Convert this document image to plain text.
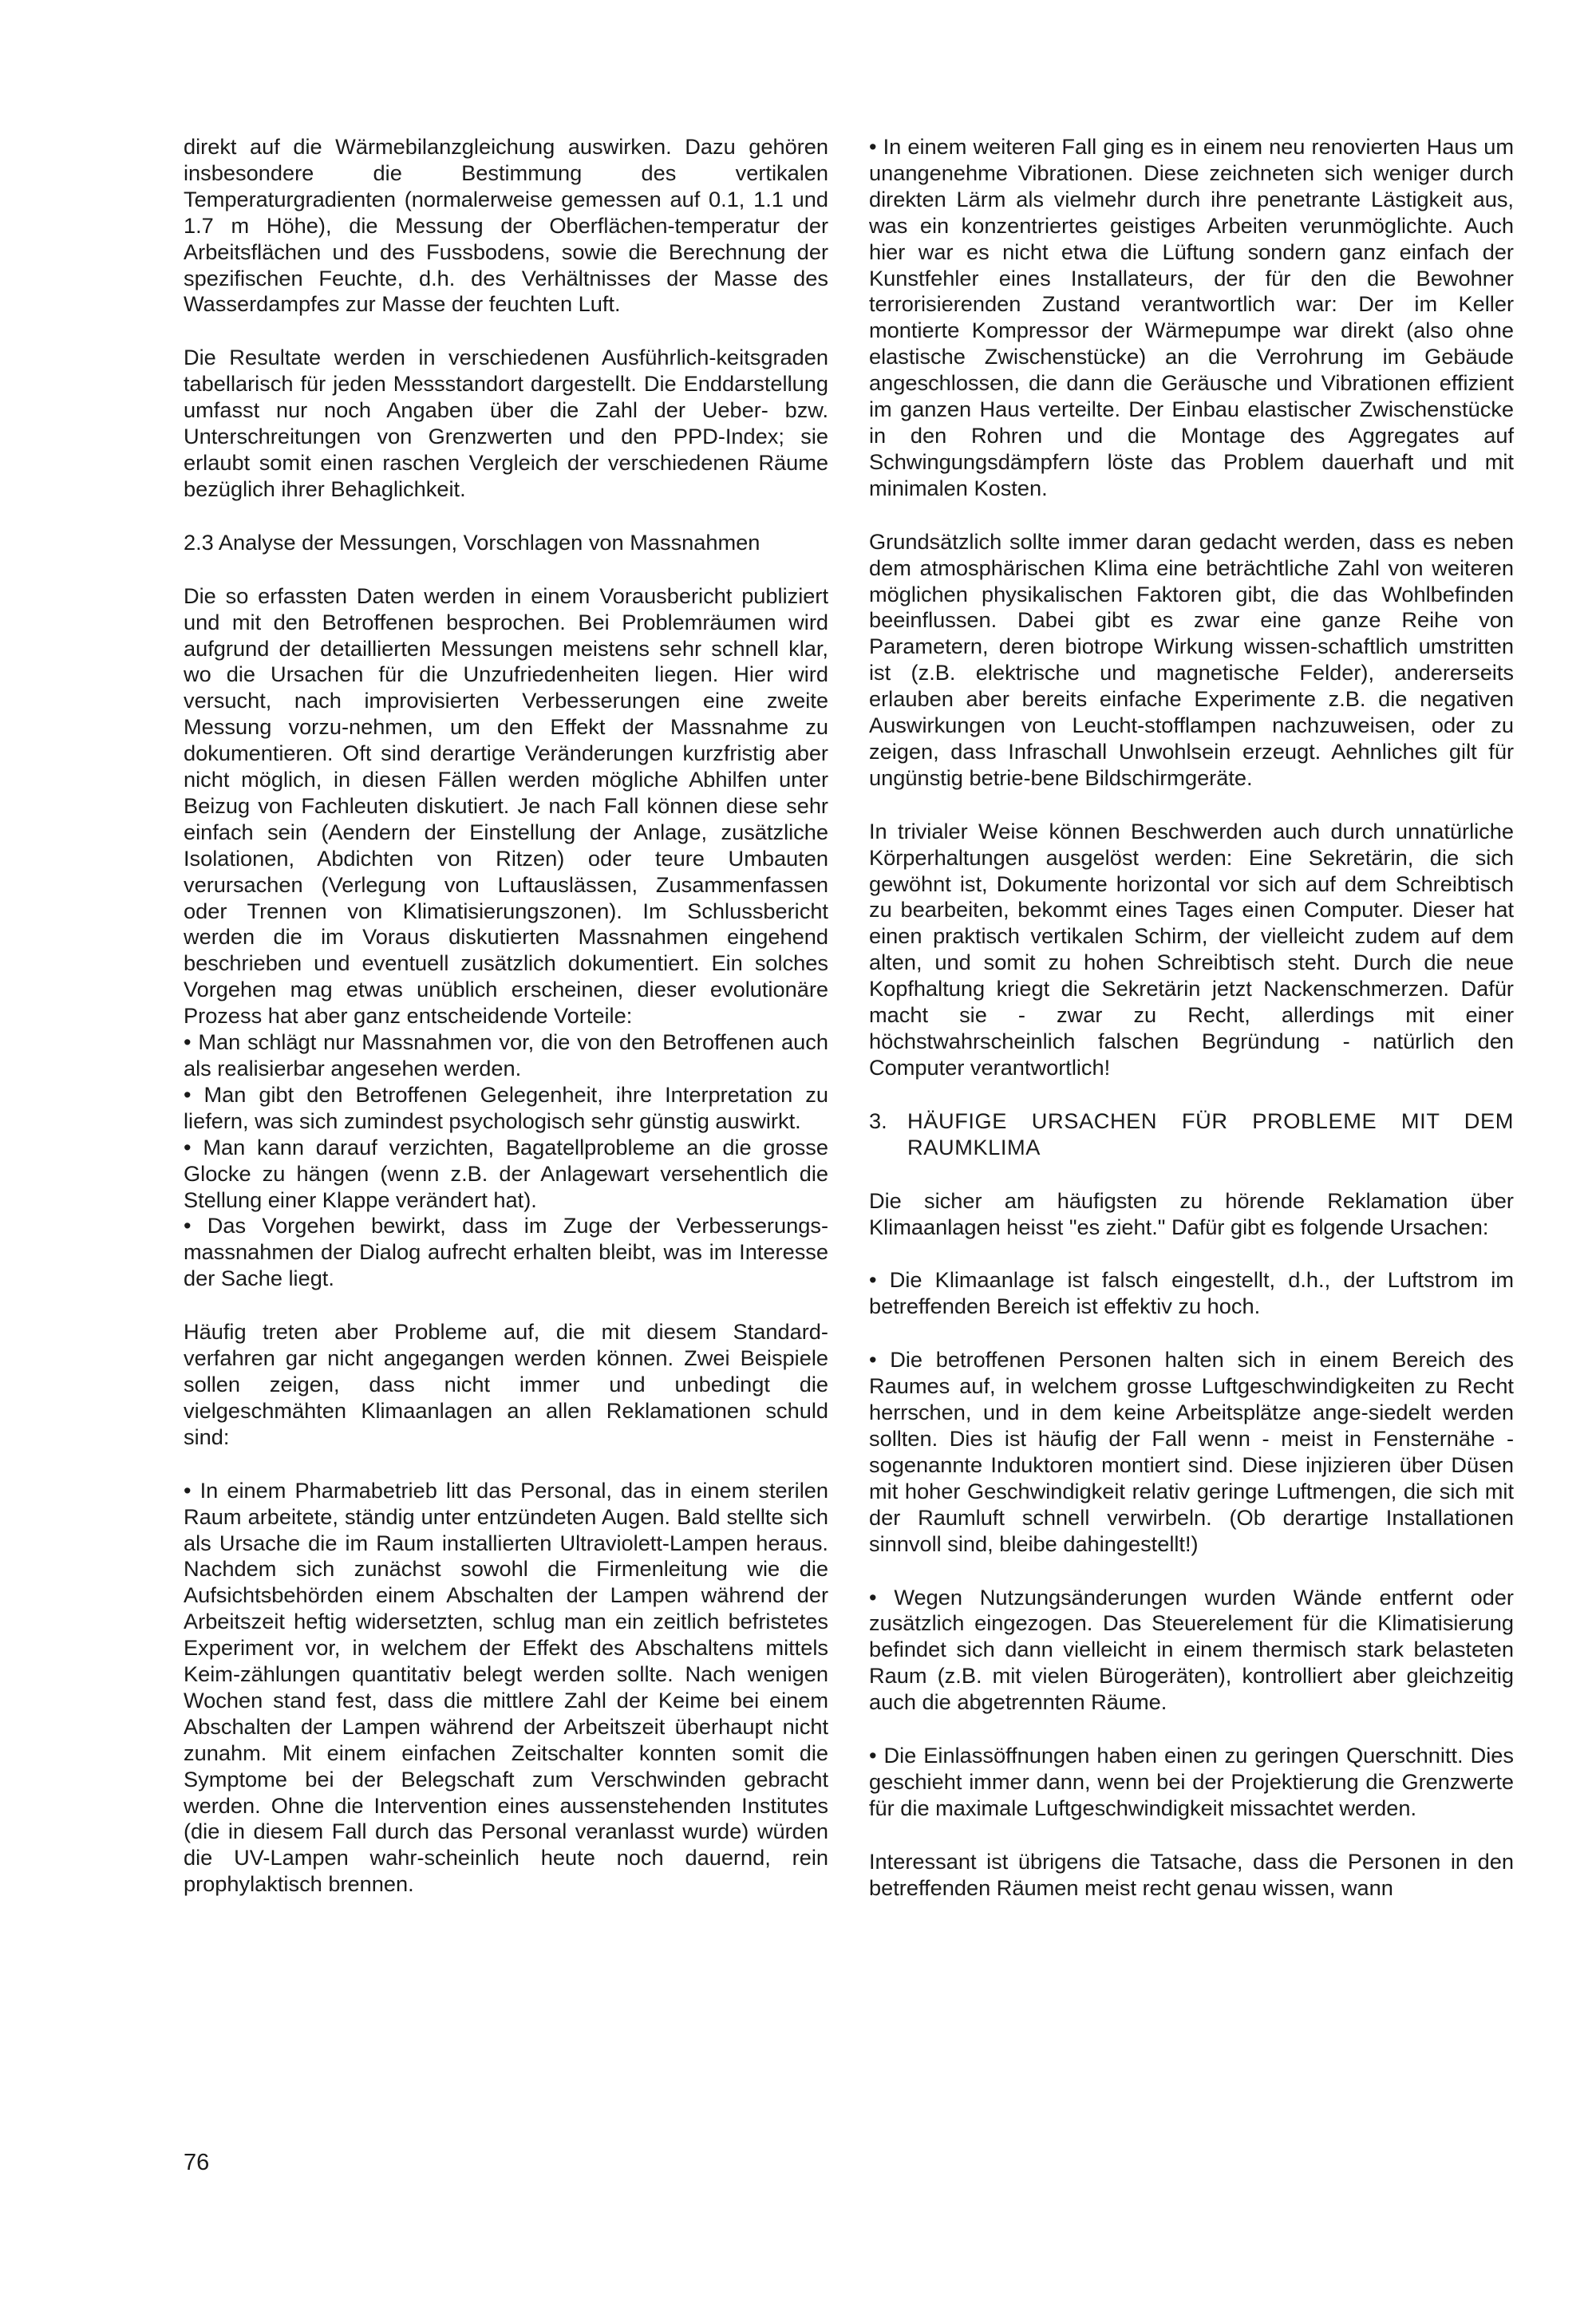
direkt auf die Wärmebilanzgleichung auswirken. Dazu gehören insbesondere die Bestimmung des vertikalen Temperaturgradienten (normalerweise gemessen auf 0.1, 1.1 und 1.7 m Höhe), die Messung der Oberflächen-temperatur der Arbeitsflächen und des Fussbodens, sowie die Berechnung der spezifischen Feuchte, d.h. des Verhältnisses der Masse des Wasserdampfes zur Masse der feuchten Luft.

Die Resultate werden in verschiedenen Ausführlich-keitsgraden tabellarisch für jeden Messstandort dargestellt. Die Enddarstellung umfasst nur noch Angaben über die Zahl der Ueber- bzw. Unterschreitungen von Grenzwerten und den PPD-Index; sie erlaubt somit einen raschen Vergleich der verschiedenen Räume bezüglich ihrer Behaglichkeit.

2.3 Analyse der Messungen, Vorschlagen von Massnahmen

Die so erfassten Daten werden in einem Vorausbericht publiziert und mit den Betroffenen besprochen. Bei Problemräumen wird aufgrund der detaillierten Messungen meistens sehr schnell klar, wo die Ursachen für die Unzufriedenheiten liegen. Hier wird versucht, nach improvisierten Verbesserungen eine zweite Messung vorzu-nehmen, um den Effekt der Massnahme zu dokumentieren. Oft sind derartige Veränderungen kurzfristig aber nicht möglich, in diesen Fällen werden mögliche Abhilfen unter Beizug von Fachleuten diskutiert. Je nach Fall können diese sehr einfach sein (Aendern der Einstellung der Anlage, zusätzliche Isolationen, Abdichten von Ritzen) oder teure Umbauten verursachen (Verlegung von Luftauslässen, Zusammenfassen oder Trennen von Klimatisierungszonen). Im Schlussbericht werden die im Voraus diskutierten Massnahmen eingehend beschrieben und eventuell zusätzlich dokumentiert. Ein solches Vorgehen mag etwas unüblich erscheinen, dieser evolutionäre Prozess hat aber ganz entscheidende Vorteile:

• Man schlägt nur Massnahmen vor, die von den Betroffenen auch als realisierbar angesehen werden.

• Man gibt den Betroffenen Gelegenheit, ihre Interpretation zu liefern, was sich zumindest psychologisch sehr günstig auswirkt.

• Man kann darauf verzichten, Bagatellprobleme an die grosse Glocke zu hängen (wenn z.B. der Anlagewart versehentlich die Stellung einer Klappe verändert hat).

• Das Vorgehen bewirkt, dass im Zuge der Verbesserungs-massnahmen der Dialog aufrecht erhalten bleibt, was im Interesse der Sache liegt.

Häufig treten aber Probleme auf, die mit diesem Standard-verfahren gar nicht angegangen werden können. Zwei Beispiele sollen zeigen, dass nicht immer und unbedingt die vielgeschmähten Klimaanlagen an allen Reklamationen schuld sind:

• In einem Pharmabetrieb litt das Personal, das in einem sterilen Raum arbeitete, ständig unter entzündeten Augen. Bald stellte sich als Ursache die im Raum installierten Ultraviolett-Lampen heraus. Nachdem sich zunächst sowohl die Firmenleitung wie die Aufsichtsbehörden einem Abschalten der Lampen während der Arbeitszeit heftig widersetzten, schlug man ein zeitlich befristetes Experiment vor, in welchem der Effekt des Abschaltens mittels Keim-zählungen quantitativ belegt werden sollte. Nach wenigen Wochen stand fest, dass die mittlere Zahl der Keime bei einem Abschalten der Lampen während der Arbeitszeit überhaupt nicht zunahm. Mit einem einfachen Zeitschalter konnten somit die Symptome bei der Belegschaft zum Verschwinden gebracht werden. Ohne die Intervention eines aussenstehenden Institutes (die in diesem Fall durch das Personal veranlasst wurde) würden die UV-Lampen wahr-scheinlich heute noch dauernd, rein prophylaktisch brennen.

• In einem weiteren Fall ging es in einem neu renovierten Haus um unangenehme Vibrationen. Diese zeichneten sich weniger durch direkten Lärm als vielmehr durch ihre penetrante Lästigkeit aus, was ein konzentriertes geistiges Arbeiten verunmöglichte. Auch hier war es nicht etwa die Lüftung sondern ganz einfach der Kunstfehler eines Installateurs, der für den die Bewohner terrorisierenden Zustand verantwortlich war: Der im Keller montierte Kompressor der Wärmepumpe war direkt (also ohne elastische Zwischenstücke) an die Verrohrung im Gebäude angeschlossen, die dann die Geräusche und Vibrationen effizient im ganzen Haus verteilte. Der Einbau elastischer Zwischenstücke in den Rohren und die Montage des Aggregates auf Schwingungsdämpfern löste das Problem dauerhaft und mit minimalen Kosten.

Grundsätzlich sollte immer daran gedacht werden, dass es neben dem atmosphärischen Klima eine beträchtliche Zahl von weiteren möglichen physikalischen Faktoren gibt, die das Wohlbefinden beeinflussen. Dabei gibt es zwar eine ganze Reihe von Parametern, deren biotrope Wirkung wissen-schaftlich umstritten ist (z.B. elektrische und magnetische Felder), andererseits erlauben aber bereits einfache Experimente z.B. die negativen Auswirkungen von Leucht-stofflampen nachzuweisen, oder zu zeigen, dass Infraschall Unwohlsein erzeugt. Aehnliches gilt für ungünstig betrie-bene Bildschirmgeräte.

In trivialer Weise können Beschwerden auch durch unnatürliche Körperhaltungen ausgelöst werden: Eine Sekretärin, die sich gewöhnt ist, Dokumente horizontal vor sich auf dem Schreibtisch zu bearbeiten, bekommt eines Tages einen Computer. Dieser hat einen praktisch vertikalen Schirm, der vielleicht zudem auf dem alten, und somit zu hohen Schreibtisch steht. Durch die neue Kopfhaltung kriegt die Sekretärin jetzt Nackenschmerzen. Dafür macht sie - zwar zu Recht, allerdings mit einer höchstwahrscheinlich falschen Begründung - natürlich den Computer verantwortlich!

3. HÄUFIGE URSACHEN FÜR PROBLEME MIT DEM RAUMKLIMA

Die sicher am häufigsten zu hörende Reklamation über Klimaanlagen heisst "es zieht." Dafür gibt es folgende Ursachen:

• Die Klimaanlage ist falsch eingestellt, d.h., der Luftstrom im betreffenden Bereich ist effektiv zu hoch.

• Die betroffenen Personen halten sich in einem Bereich des Raumes auf, in welchem grosse Luftgeschwindigkeiten zu Recht herrschen, und in dem keine Arbeitsplätze ange-siedelt werden sollten. Dies ist häufig der Fall wenn - meist in Fensternähe - sogenannte Induktoren montiert sind. Diese injizieren über Düsen mit hoher Geschwindigkeit relativ geringe Luftmengen, die sich mit der Raumluft schnell verwirbeln. (Ob derartige Installationen sinnvoll sind, bleibe dahingestellt!)

• Wegen Nutzungsänderungen wurden Wände entfernt oder zusätzlich eingezogen. Das Steuerelement für die Klimatisierung befindet sich dann vielleicht in einem thermisch stark belasteten Raum (z.B. mit vielen Bürogeräten), kontrolliert aber gleichzeitig auch die abgetrennten Räume.

• Die Einlassöffnungen haben einen zu geringen Querschnitt. Dies geschieht immer dann, wenn bei der Projektierung die Grenzwerte für die maximale Luftgeschwindigkeit missachtet werden.

Interessant ist übrigens die Tatsache, dass die Personen in den betreffenden Räumen meist recht genau wissen, wann

76
